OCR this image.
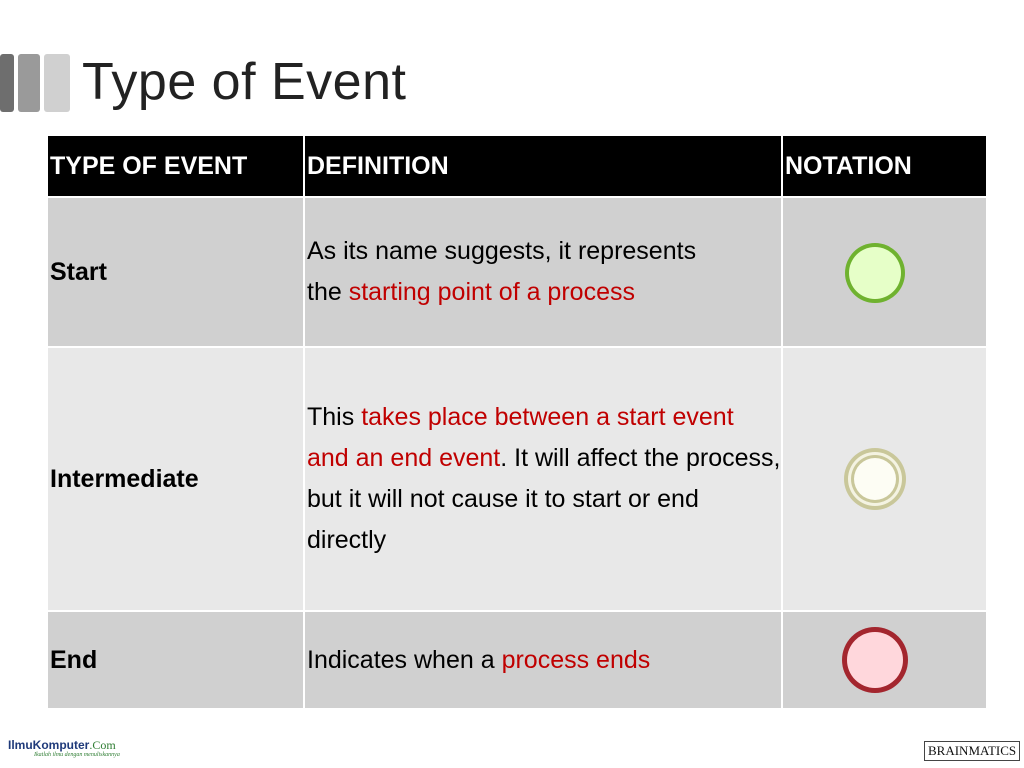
Type of Event
TYPE OF EVENT	DEFINITION	NOTATION
Start	As its name suggests, it represents
the starting point of a process	

Intermediate	This takes place between a start event and an end event. It will affect the process, but it will not cause it to start or end directly	

End	Indicates when a process ends	
IlmuKomputer.Com
Ikatlah ilmu dengan menuliskannya	BRAINMATICS
